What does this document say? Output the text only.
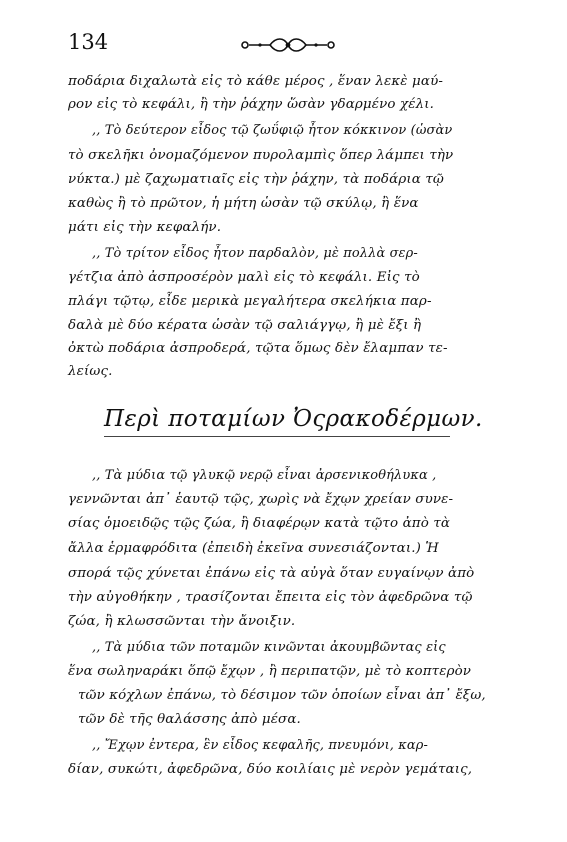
134
ποδάρια διχαλωτὰ εἰς τὸ κάθε μέρος , ἕναν λεκὲ μαύ-
ρον εἰς τὸ κεφάλι, ἢ τὴν ῥάχην ὥσὰν γδαρμένο χέλι.
,, Τὸ δεύτερον εἶδος τῷ ζωΰφιῷ ἦτον κόκκινον (ὡσὰν
τὸ σκελῆκι ὀνομαζόμενον πυρολαμπὶς ὅπερ λάμπει τὴν
νύκτα.) μὲ ζαχωματιαῖς εἰς τὴν ῥάχην, τὰ ποδάρια τῷ
καθὼς ἢ τὸ πρῶτον, ἡ μήτη ὡσὰν τῷ σκύλῳ, ἢ ἕνα
μάτι εἰς τὴν κεφαλήν.
,, Τὸ τρίτον εἶδος ἦτον παρδαλὸν, μὲ πολλὰ σερ-
γέτζια ἀπὸ ἀσπροσέρὸν μαλὶ εἰς τὸ κεφάλι. Εἰς τὸ
πλάγι τῷτῳ, εἶδε μερικὰ μεγαλήτερα σκελήκια παρ-
δαλὰ μὲ δύο κέρατα ὡσὰν τῷ σαλιάγγῳ, ἢ μὲ ἔξι ἢ
ὀκτὼ ποδάρια ἀσπροδερά, τῷτα ὅμως δὲν ἔλαμπαν τε-
λείως.
Περὶ ποταμίων Ὀςρακοδέρμων.
,, Τὰ μύδια τῷ γλυκῷ νερῷ εἶναι ἀρσενικοθήλυκα ,
γεννῶνται ἀπ᾿ ἑαυτῷ τῷς, χωρὶς νὰ ἔχῳν χρείαν συνε-
σίας ὁμοειδῷς τῷς ζώα, ἢ διαφέρῳν κατὰ τῷτο ἀπὸ τὰ
ἄλλα ἑρμαφρόδιτα (ἐπειδὴ ἐκεῖνα συνεσιάζονται.) Ἡ
σπορά τῷς χύνεται ἐπάνω εἰς τὰ αὐγὰ ὅταν ευγαίνῳν ἀπὸ
τὴν αὐγοθήκην , τρασίζονται ἔπειτα εἰς τὸν ἀφεδρῶνα τῷ
ζώα, ἢ κλωσσῶνται τὴν ἄνοιξιν.
,, Τὰ μύδια τῶν ποταμῶν κινῶνται ἀκουμβῶντας εἰς
ἕνα σωληναράκι ὅπῷ ἔχῳν , ἢ περιπατῷν, μὲ τὸ κοπτερὸν
τῶν κόχλων ἐπάνω, τὸ δέσιμον τῶν ὁποίων εἶναι ἀπ᾿ ἔξω,
τῶν δὲ τῆς θαλάσσης ἀπὸ μέσα.
,, Ἔχῳν ἐντερα, ἓν εἶδος κεφαλῆς, πνευμόνι, καρ-
δίαν, συκώτι, ἀφεδρῶνα, δύο κοιλίαις μὲ νερὸν γεμάταις,
